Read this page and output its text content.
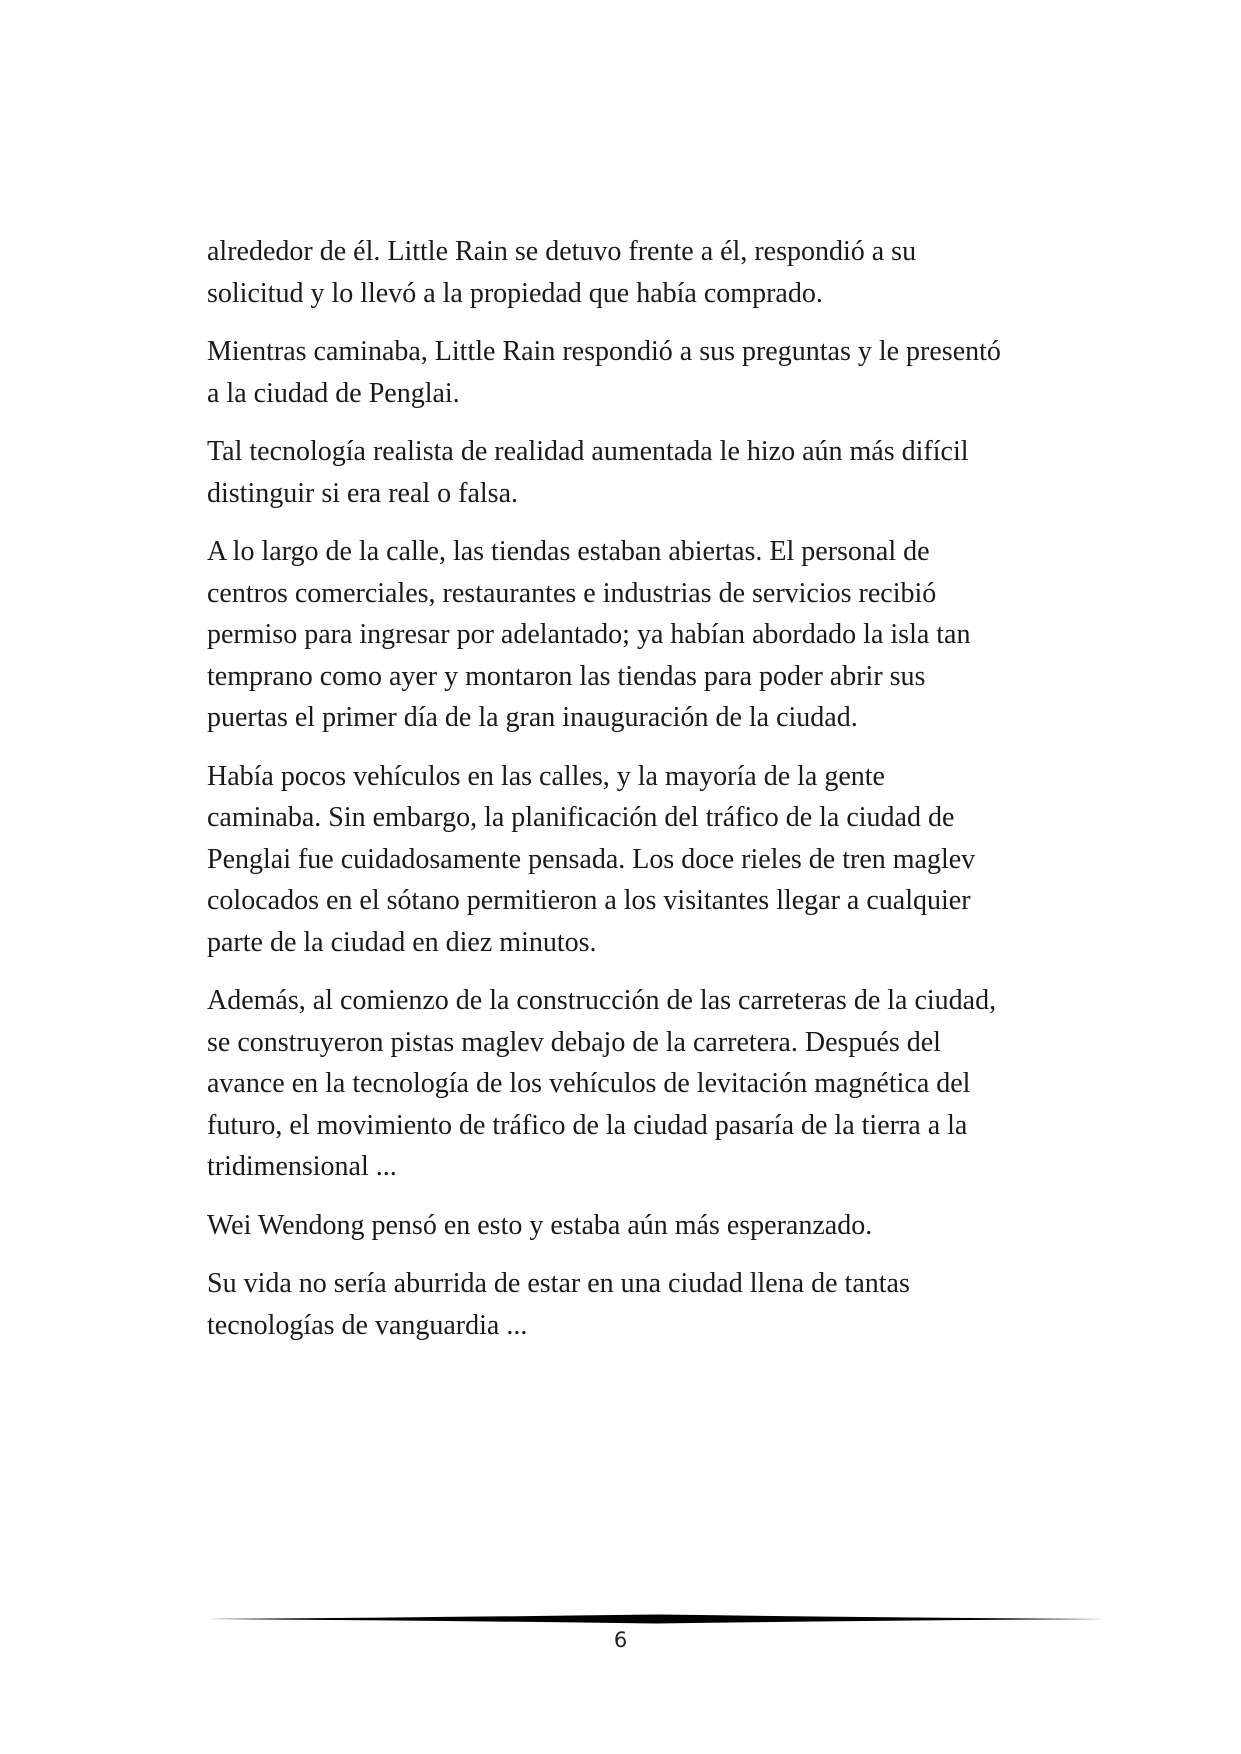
alrededor de él. Little Rain se detuvo frente a él, respondió a su
solicitud y lo llevó a la propiedad que había comprado.

Mientras caminaba, Little Rain respondió a sus preguntas y le presentó
a la ciudad de Penglai.

Tal tecnología realista de realidad aumentada le hizo aún más difícil
distinguir si era real o falsa.

A lo largo de la calle, las tiendas estaban abiertas. El personal de
centros comerciales, restaurantes e industrias de servicios recibió
permiso para ingresar por adelantado; ya habían abordado la isla tan
temprano como ayer y montaron las tiendas para poder abrir sus
puertas el primer día de la gran inauguración de la ciudad.

Había pocos vehículos en las calles, y la mayoría de la gente
caminaba. Sin embargo, la planificación del tráfico de la ciudad de
Penglai fue cuidadosamente pensada. Los doce rieles de tren maglev
colocados en el sótano permitieron a los visitantes llegar a cualquier
parte de la ciudad en diez minutos.

Además, al comienzo de la construcción de las carreteras de la ciudad,
se construyeron pistas maglev debajo de la carretera. Después del
avance en la tecnología de los vehículos de levitación magnética del
futuro, el movimiento de tráfico de la ciudad pasaría de la tierra a la
tridimensional ...

Wei Wendong pensó en esto y estaba aún más esperanzado.

Su vida no sería aburrida de estar en una ciudad llena de tantas
tecnologías de vanguardia ...

6
